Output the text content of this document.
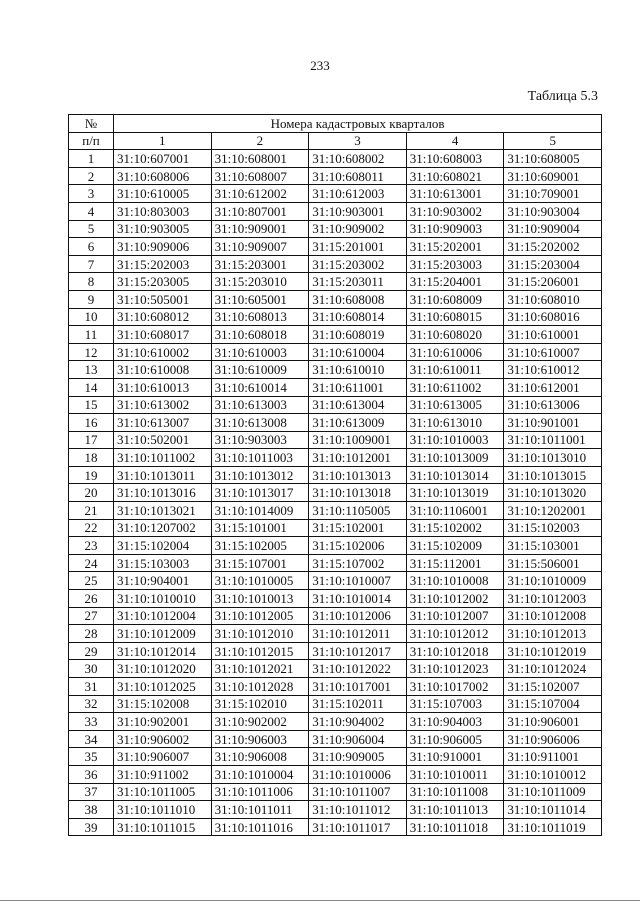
233
Таблица 5.3
№	Номера кадастровых кварталов				
п/п	1	2	3	4	5
1	31:10:607001	31:10:608001	31:10:608002	31:10:608003	31:10:608005
2	31:10:608006	31:10:608007	31:10:608011	31:10:608021	31:10:609001
3	31:10:610005	31:10:612002	31:10:612003	31:10:613001	31:10:709001
4	31:10:803003	31:10:807001	31:10:903001	31:10:903002	31:10:903004
5	31:10:903005	31:10:909001	31:10:909002	31:10:909003	31:10:909004
6	31:10:909006	31:10:909007	31:15:201001	31:15:202001	31:15:202002
7	31:15:202003	31:15:203001	31:15:203002	31:15:203003	31:15:203004
8	31:15:203005	31:15:203010	31:15:203011	31:15:204001	31:15:206001
9	31:10:505001	31:10:605001	31:10:608008	31:10:608009	31:10:608010
10	31:10:608012	31:10:608013	31:10:608014	31:10:608015	31:10:608016
11	31:10:608017	31:10:608018	31:10:608019	31:10:608020	31:10:610001
12	31:10:610002	31:10:610003	31:10:610004	31:10:610006	31:10:610007
13	31:10:610008	31:10:610009	31:10:610010	31:10:610011	31:10:610012
14	31:10:610013	31:10:610014	31:10:611001	31:10:611002	31:10:612001
15	31:10:613002	31:10:613003	31:10:613004	31:10:613005	31:10:613006
16	31:10:613007	31:10:613008	31:10:613009	31:10:613010	31:10:901001
17	31:10:502001	31:10:903003	31:10:1009001	31:10:1010003	31:10:1011001
18	31:10:1011002	31:10:1011003	31:10:1012001	31:10:1013009	31:10:1013010
19	31:10:1013011	31:10:1013012	31:10:1013013	31:10:1013014	31:10:1013015
20	31:10:1013016	31:10:1013017	31:10:1013018	31:10:1013019	31:10:1013020
21	31:10:1013021	31:10:1014009	31:10:1105005	31:10:1106001	31:10:1202001
22	31:10:1207002	31:15:101001	31:15:102001	31:15:102002	31:15:102003
23	31:15:102004	31:15:102005	31:15:102006	31:15:102009	31:15:103001
24	31:15:103003	31:15:107001	31:15:107002	31:15:112001	31:15:506001
25	31:10:904001	31:10:1010005	31:10:1010007	31:10:1010008	31:10:1010009
26	31:10:1010010	31:10:1010013	31:10:1010014	31:10:1012002	31:10:1012003
27	31:10:1012004	31:10:1012005	31:10:1012006	31:10:1012007	31:10:1012008
28	31:10:1012009	31:10:1012010	31:10:1012011	31:10:1012012	31:10:1012013
29	31:10:1012014	31:10:1012015	31:10:1012017	31:10:1012018	31:10:1012019
30	31:10:1012020	31:10:1012021	31:10:1012022	31:10:1012023	31:10:1012024
31	31:10:1012025	31:10:1012028	31:10:1017001	31:10:1017002	31:15:102007
32	31:15:102008	31:15:102010	31:15:102011	31:15:107003	31:15:107004
33	31:10:902001	31:10:902002	31:10:904002	31:10:904003	31:10:906001
34	31:10:906002	31:10:906003	31:10:906004	31:10:906005	31:10:906006
35	31:10:906007	31:10:906008	31:10:909005	31:10:910001	31:10:911001
36	31:10:911002	31:10:1010004	31:10:1010006	31:10:1010011	31:10:1010012
37	31:10:1011005	31:10:1011006	31:10:1011007	31:10:1011008	31:10:1011009
38	31:10:1011010	31:10:1011011	31:10:1011012	31:10:1011013	31:10:1011014
39	31:10:1011015	31:10:1011016	31:10:1011017	31:10:1011018	31:10:1011019
